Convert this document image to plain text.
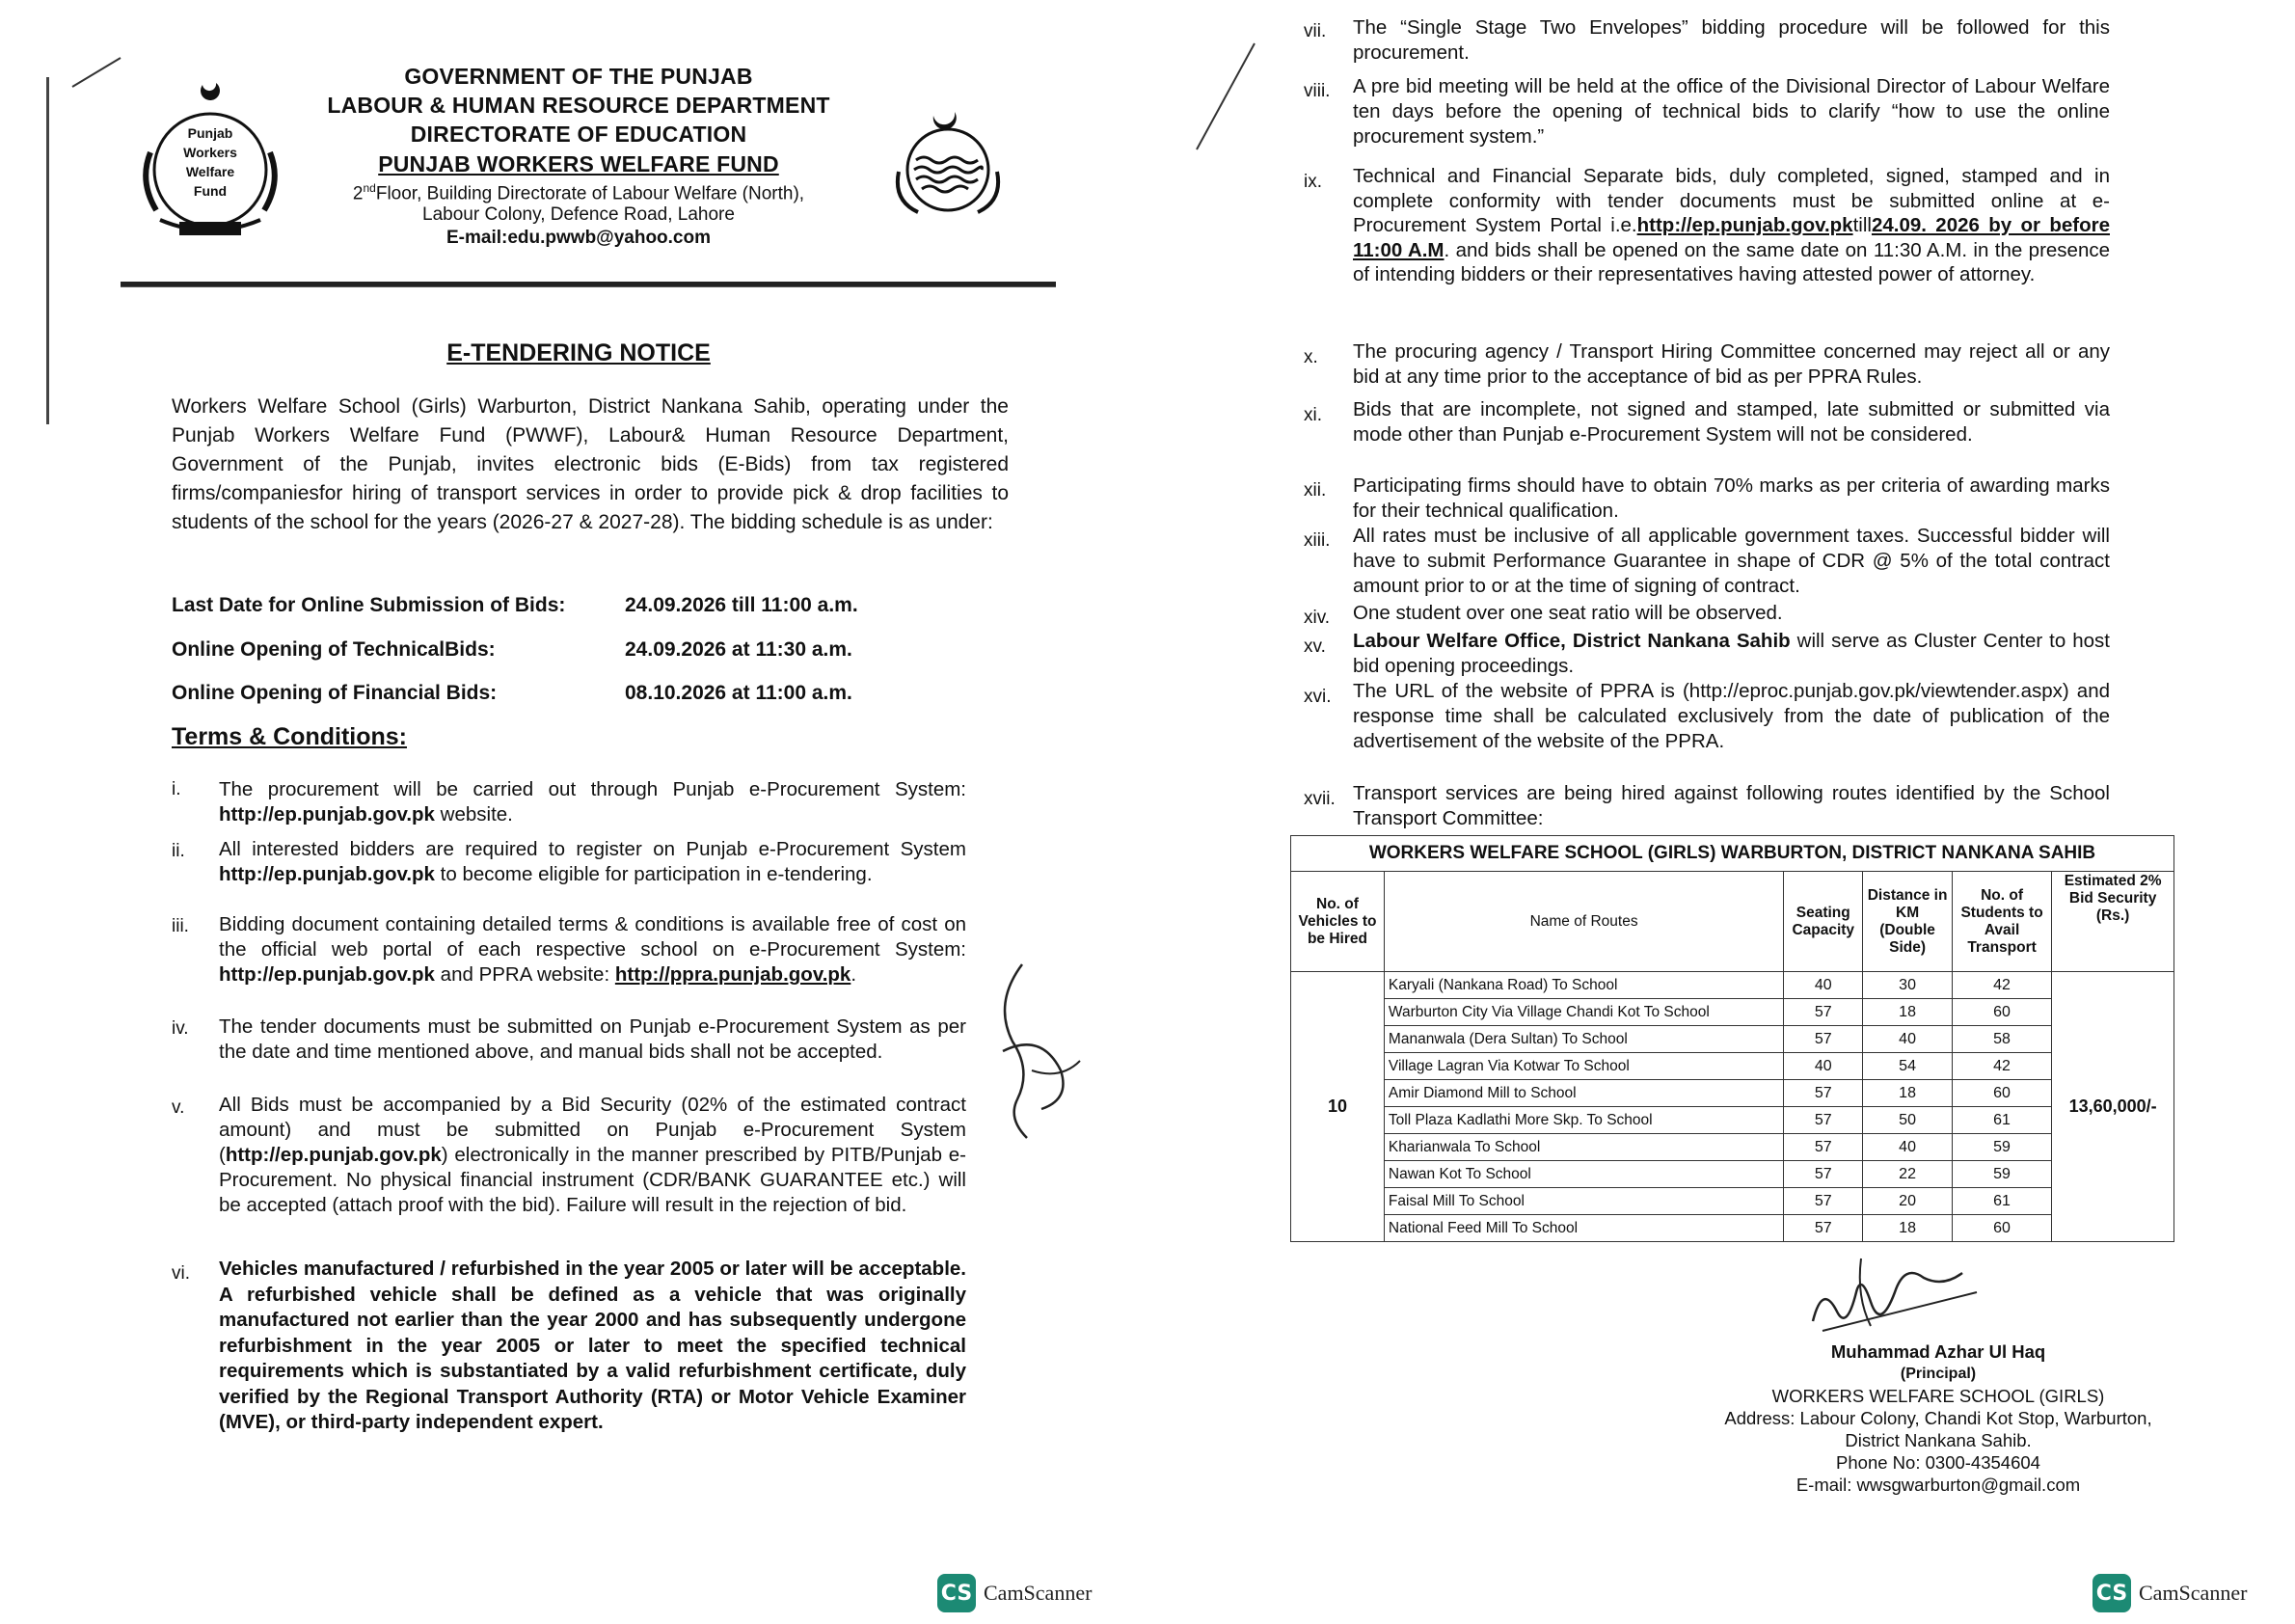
Punjab
Workers
Welfare
Fund
GOVERNMENT OF THE PUNJAB
LABOUR & HUMAN RESOURCE DEPARTMENT
DIRECTORATE OF EDUCATION
PUNJAB WORKERS WELFARE FUND
2ndFloor, Building Directorate of Labour Welfare (North),
Labour Colony, Defence Road, Lahore
E-mail:edu.pwwb@yahoo.com
E-TENDERING NOTICE
Workers Welfare School (Girls) Warburton, District Nankana Sahib, operating under the Punjab Workers Welfare Fund (PWWF), Labour& Human Resource Department, Government of the Punjab, invites electronic bids (E-Bids) from tax registered firms/companiesfor hiring of transport services in order to provide pick & drop facilities to students of the school for the years (2026-27 & 2027-28). The bidding schedule is as under:
Last Date for Online Submission of Bids:	24.09.2026 till 11:00 a.m.
Online Opening of TechnicalBids:	24.09.2026 at 11:30 a.m.
Online Opening of Financial Bids:	08.10.2026 at 11:00 a.m.
Terms & Conditions:
i. The procurement will be carried out through Punjab e-Procurement System: http://ep.punjab.gov.pk website.
ii. All interested bidders are required to register on Punjab e-Procurement System http://ep.punjab.gov.pk to become eligible for participation in e-tendering.
iii. Bidding document containing detailed terms & conditions is available free of cost on the official web portal of each respective school on e-Procurement System: http://ep.punjab.gov.pk and PPRA website: http://ppra.punjab.gov.pk.
iv. The tender documents must be submitted on Punjab e-Procurement System as per the date and time mentioned above, and manual bids shall not be accepted.
v. All Bids must be accompanied by a Bid Security (02% of the estimated contract amount) and must be submitted on Punjab e-Procurement System (http://ep.punjab.gov.pk) electronically in the manner prescribed by PITB/Punjab e-Procurement. No physical financial instrument (CDR/BANK GUARANTEE etc.) will be accepted (attach proof with the bid). Failure will result in the rejection of bid.
vi. Vehicles manufactured / refurbished in the year 2005 or later will be acceptable. A refurbished vehicle shall be defined as a vehicle that was originally manufactured not earlier than the year 2000 and has subsequently undergone refurbishment in the year 2005 or later to meet the specified technical requirements which is substantiated by a valid refurbishment certificate, duly verified by the Regional Transport Authority (RTA) or Motor Vehicle Examiner (MVE), or third-party independent expert.
CS CamScanner
vii. The “Single Stage Two Envelopes” bidding procedure will be followed for this procurement.
viii. A pre bid meeting will be held at the office of the Divisional Director of Labour Welfare ten days before the opening of technical bids to clarify “how to use the online procurement system.”
ix. Technical and Financial Separate bids, duly completed, signed, stamped and in complete conformity with tender documents must be submitted online at e-Procurement System Portal i.e.http://ep.punjab.gov.pktill24.09. 2026 by or before 11:00 A.M. and bids shall be opened on the same date on 11:30 A.M. in the presence of intending bidders or their representatives having attested power of attorney.
x. The procuring agency / Transport Hiring Committee concerned may reject all or any bid at any time prior to the acceptance of bid as per PPRA Rules.
xi. Bids that are incomplete, not signed and stamped, late submitted or submitted via mode other than Punjab e-Procurement System will not be considered.
xii. Participating firms should have to obtain 70% marks as per criteria of awarding marks for their technical qualification.
xiii. All rates must be inclusive of all applicable government taxes. Successful bidder will have to submit Performance Guarantee in shape of CDR @ 5% of the total contract amount prior to or at the time of signing of contract.
xiv. One student over one seat ratio will be observed.
xv. Labour Welfare Office, District Nankana Sahib will serve as Cluster Center to host bid opening proceedings.
xvi. The URL of the website of PPRA is (http://eproc.punjab.gov.pk/viewtender.aspx) and response time shall be calculated exclusively from the date of publication of the advertisement of the website of the PPRA.
xvii. Transport services are being hired against following routes identified by the School Transport Committee:
WORKERS WELFARE SCHOOL (GIRLS) WARBURTON, DISTRICT NANKANA SAHIB					
No. of Vehicles to be Hired	Name of Routes	Seating Capacity	Distance in KM (Double Side)	No. of Students to Avail Transport	Estimated 2% Bid Security (Rs.)
10	Karyali (Nankana Road) To School	40	30	42	13,60,000/-
	Warburton City Via Village Chandi Kot To School	57	18	60	
	Mananwala (Dera Sultan) To School	57	40	58	
	Village Lagran Via Kotwar To School	40	54	42	
	Amir Diamond Mill to School	57	18	60	
	Toll Plaza Kadlathi More Skp. To School	57	50	61	
	Kharianwala To School	57	40	59	
	Nawan Kot To School	57	22	59	
	Faisal Mill To School	57	20	61	
	National Feed Mill To School	57	18	60	
Muhammad Azhar Ul Haq
(Principal)
WORKERS WELFARE SCHOOL (GIRLS)
Address: Labour Colony, Chandi Kot Stop, Warburton,
District Nankana Sahib.
Phone No: 0300-4354604
E-mail: wwsgwarburton@gmail.com
CS CamScanner
